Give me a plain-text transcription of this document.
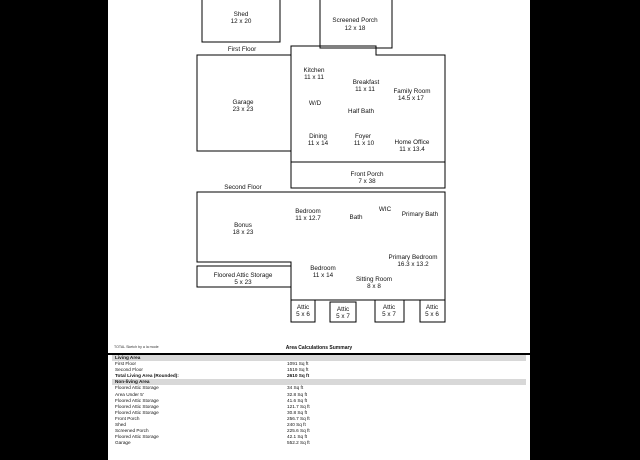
Shed
12 x 20	Screened Porch
12 x 18
First Floor
Garage
23 x 23
Kitchen
11 x 11
Breakfast
11 x 11	Family Room
14.5 x 17
W/D
Half Bath
Dining
11 x 14
Foyer
11 x 10	Home Office
11 x 13.4
Front Porch
7 x 38
Second Floor
Bonus
18 x 23
Bedroom
11 x 12.7	Bath
WIC
Primary Bath
Primary Bedroom
16.3 x 13.2
Floored Attic Storage
5 x 23
Bedroom
11 x 14
Sitting Room
8 x 8
Attic
5 x 6
Attic
5 x 7
Attic
5 x 7
Attic
5 x 6
TOTAL Sketch by a la mode	Area Calculations Summary
Living Area
First Floor	1091 Sq ft
Second Floor	1519 Sq ft
Total Living Area (Rounded):	2610 Sq ft
Non-living Area
Floored Attic Storage	34 Sq ft
Area Under 5'	32.8 Sq ft
Floored Attic Storage	41.6 Sq ft
Floored Attic Storage	121.7 Sq ft
Floored Attic Storage	30.8 Sq ft
Front Porch	256.7 Sq ft
Shed	240 Sq ft
Screened Porch	225.6 Sq ft
Floored Attic Storage	42.1 Sq ft
Garage	552.2 Sq ft
